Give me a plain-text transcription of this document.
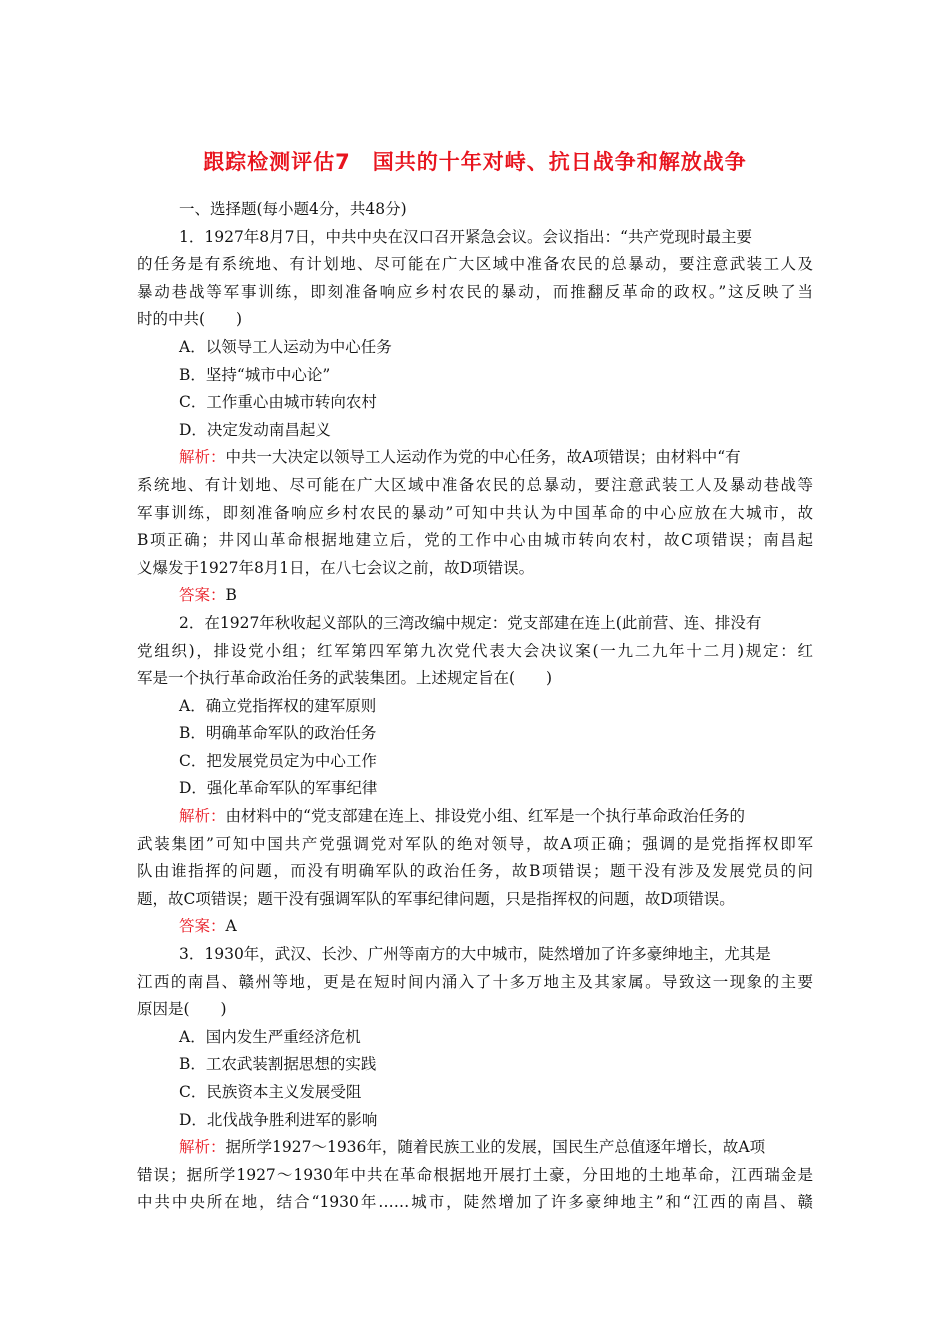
跟踪检测评估7　国共的十年对峙、抗日战争和解放战争
一、选择题(每小题4分，共48分)
1．1927年8月7日，中共中央在汉口召开紧急会议。会议指出：“共产党现时最主要
的任务是有系统地、有计划地、尽可能在广大区域中准备农民的总暴动，要注意武装工人及
暴动巷战等军事训练，即刻准备响应乡村农民的暴动，而推翻反革命的政权。”这反映了当
时的中共(　　)
A．以领导工人运动为中心任务
B．坚持“城市中心论”
C．工作重心由城市转向农村
D．决定发动南昌起义
解析：中共一大决定以领导工人运动作为党的中心任务，故A项错误；由材料中“有
系统地、有计划地、尽可能在广大区域中准备农民的总暴动，要注意武装工人及暴动巷战等
军事训练，即刻准备响应乡村农民的暴动”可知中共认为中国革命的中心应放在大城市，故
B项正确；井冈山革命根据地建立后，党的工作中心由城市转向农村，故C项错误；南昌起
义爆发于1927年8月1日，在八七会议之前，故D项错误。
答案：B
2．在1927年秋收起义部队的三湾改编中规定：党支部建在连上(此前营、连、排没有
党组织)，排设党小组；红军第四军第九次党代表大会决议案(一九二九年十二月)规定：红
军是一个执行革命政治任务的武装集团。上述规定旨在(　　)
A．确立党指挥权的建军原则
B．明确革命军队的政治任务
C．把发展党员定为中心工作
D．强化革命军队的军事纪律
解析：由材料中的“党支部建在连上、排设党小组、红军是一个执行革命政治任务的
武装集团”可知中国共产党强调党对军队的绝对领导，故A项正确；强调的是党指挥权即军
队由谁指挥的问题，而没有明确军队的政治任务，故B项错误；题干没有涉及发展党员的问
题，故C项错误；题干没有强调军队的军事纪律问题，只是指挥权的问题，故D项错误。
答案：A
3．1930年，武汉、长沙、广州等南方的大中城市，陡然增加了许多豪绅地主，尤其是
江西的南昌、赣州等地，更是在短时间内涌入了十多万地主及其家属。导致这一现象的主要
原因是(　　)
A．国内发生严重经济危机
B．工农武装割据思想的实践
C．民族资本主义发展受阻
D．北伐战争胜利进军的影响
解析：据所学1927～1936年，随着民族工业的发展，国民生产总值逐年增长，故A项
错误；据所学1927～1930年中共在革命根据地开展打土豪，分田地的土地革命，江西瑞金是
中共中央所在地，结合“1930年……城市，陡然增加了许多豪绅地主”和“江西的南昌、赣
